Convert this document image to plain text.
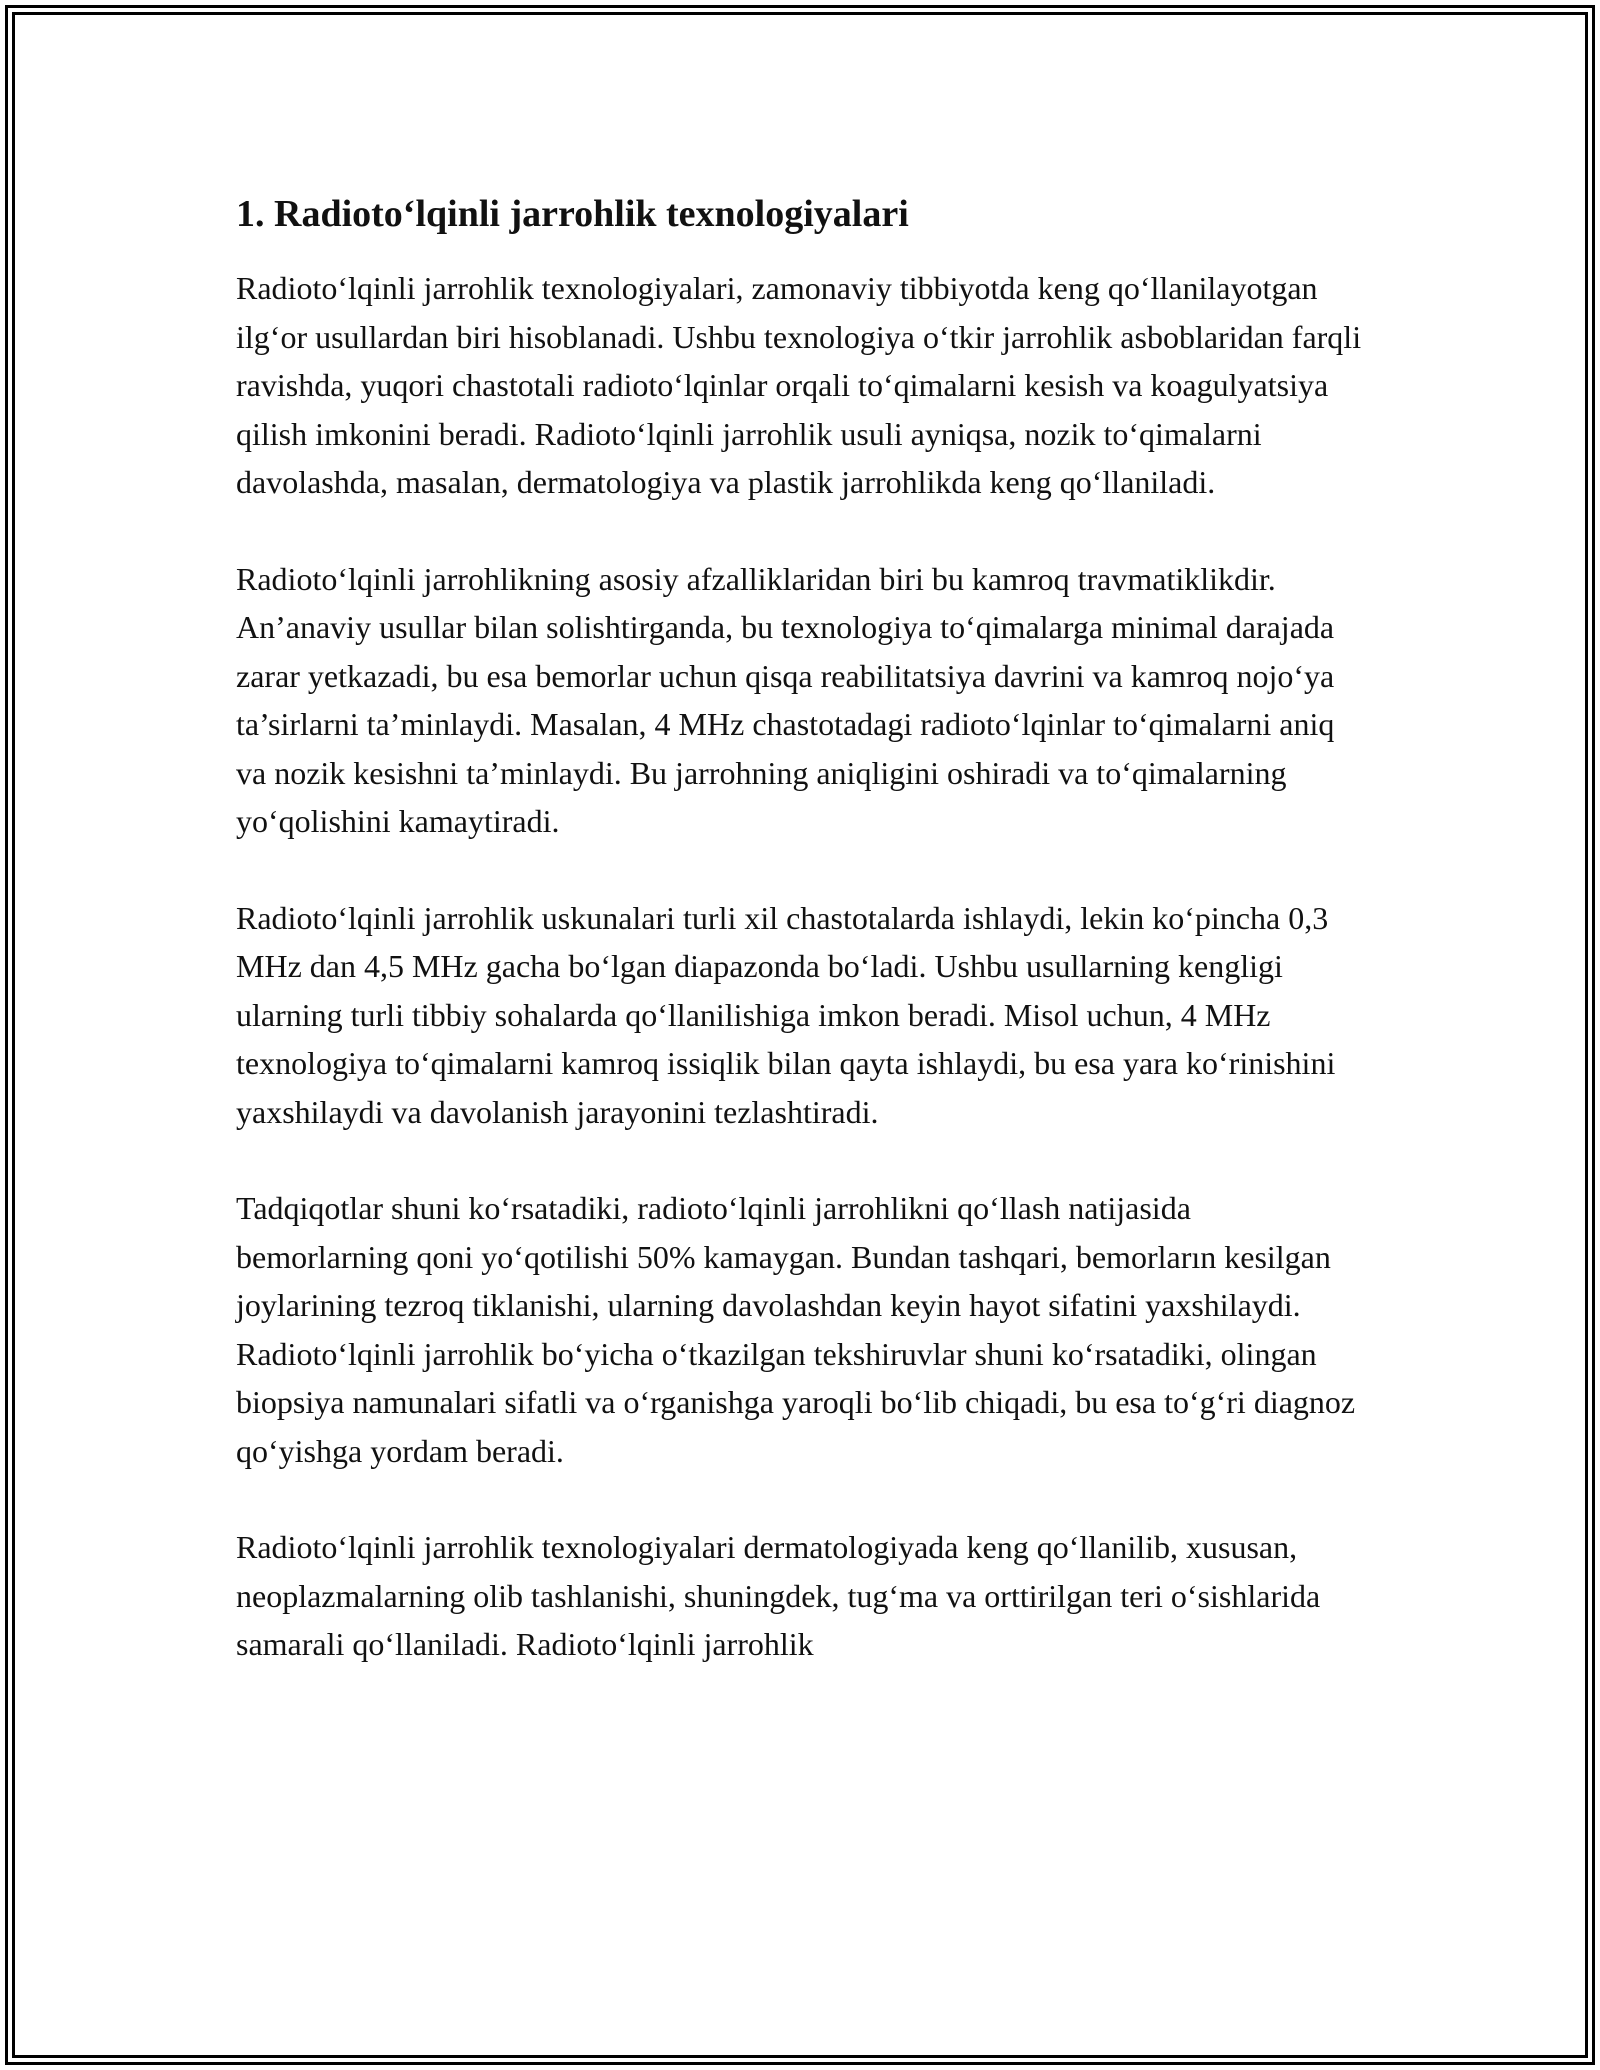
1. Radioto‘lqinli jarrohlik texnologiyalari

Radioto‘lqinli jarrohlik texnologiyalari, zamonaviy tibbiyotda keng qo‘llanilayotgan ilg‘or usullardan biri hisoblanadi. Ushbu texnologiya o‘tkir jarrohlik asboblaridan farqli ravishda, yuqori chastotali radioto‘lqinlar orqali to‘qimalarni kesish va koagulyatsiya qilish imkonini beradi. Radioto‘lqinli jarrohlik usuli ayniqsa, nozik to‘qimalarni davolashda, masalan, dermatologiya va plastik jarrohlikda keng qo‘llaniladi.

Radioto‘lqinli jarrohlikning asosiy afzalliklaridan biri bu kamroq travmatiklikdir. An’anaviy usullar bilan solishtirganda, bu texnologiya to‘qimalarga minimal darajada zarar yetkazadi, bu esa bemorlar uchun qisqa reabilitatsiya davrini va kamroq nojo‘ya ta’sirlarni ta’minlaydi. Masalan, 4 MHz chastotadagi radioto‘lqinlar to‘qimalarni aniq va nozik kesishni ta’minlaydi. Bu jarrohning aniqligini oshiradi va to‘qimalarning yo‘qolishini kamaytiradi.

Radioto‘lqinli jarrohlik uskunalari turli xil chastotalarda ishlaydi, lekin ko‘pincha 0,3 MHz dan 4,5 MHz gacha bo‘lgan diapazonda bo‘ladi. Ushbu usullarning kengligi ularning turli tibbiy sohalarda qo‘llanilishiga imkon beradi. Misol uchun, 4 MHz texnologiya to‘qimalarni kamroq issiqlik bilan qayta ishlaydi, bu esa yara ko‘rinishini yaxshilaydi va davolanish jarayonini tezlashtiradi.

Tadqiqotlar shuni ko‘rsatadiki, radioto‘lqinli jarrohlikni qo‘llash natijasida bemorlarning qoni yo‘qotilishi 50% kamaygan. Bundan tashqari, bemorların kesilgan joylarining tezroq tiklanishi, ularning davolashdan keyin hayot sifatini yaxshilaydi. Radioto‘lqinli jarrohlik bo‘yicha o‘tkazilgan tekshiruvlar shuni ko‘rsatadiki, olingan biopsiya namunalari sifatli va o‘rganishga yaroqli bo‘lib chiqadi, bu esa to‘g‘ri diagnoz qo‘yishga yordam beradi.

Radioto‘lqinli jarrohlik texnologiyalari dermatologiyada keng qo‘llanilib, xususan, neoplazmalarning olib tashlanishi, shuningdek, tug‘ma va orttirilgan teri o‘sishlarida samarali qo‘llaniladi. Radioto‘lqinli jarrohlik
